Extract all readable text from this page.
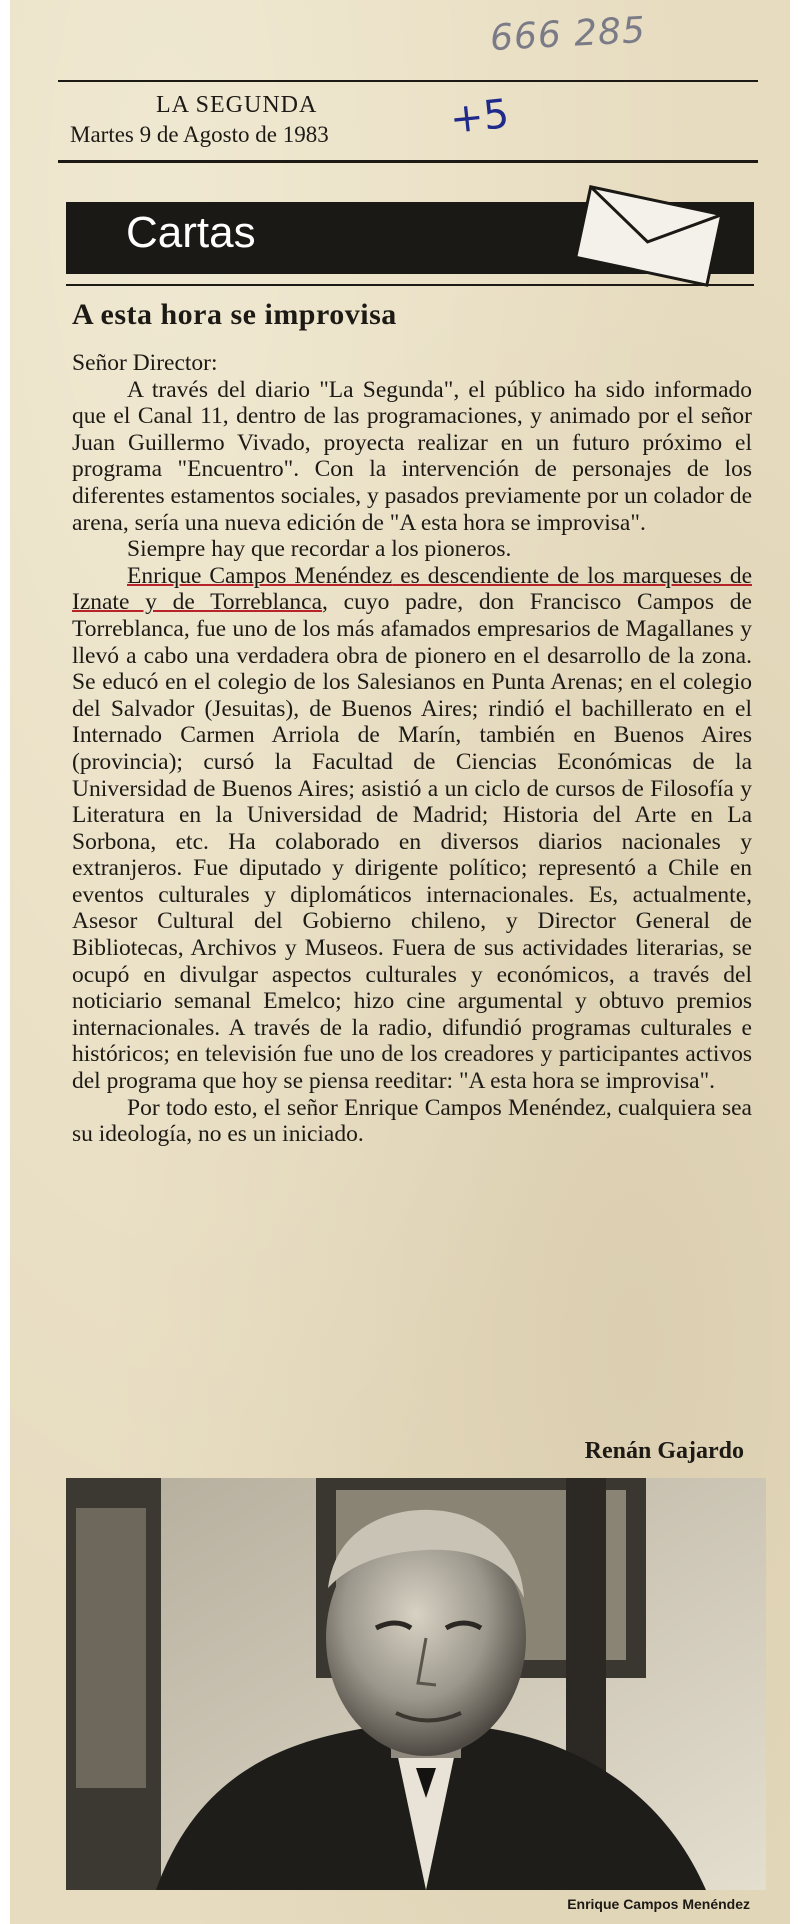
666 285
LA SEGUNDA
Martes 9 de Agosto de 1983	+5
Cartas
A esta hora se improvisa

Señor Director:

A través del diario "La Segunda", el público ha sido informado que el Canal 11, dentro de las programaciones, y animado por el señor Juan Guillermo Vivado, proyecta realizar en un futuro próximo el programa "Encuentro". Con la intervención de personajes de los diferentes estamentos sociales, y pasados previamente por un colador de arena, sería una nueva edición de "A esta hora se improvisa".

Siempre hay que recordar a los pioneros.

Enrique Campos Menéndez es descendiente de los marqueses de Iznate y de Torreblanca, cuyo padre, don Francisco Campos de Torreblanca, fue uno de los más afamados empresarios de Magallanes y llevó a cabo una verdadera obra de pionero en el desarrollo de la zona. Se educó en el colegio de los Salesianos en Punta Arenas; en el colegio del Salvador (Jesuitas), de Buenos Aires; rindió el bachillerato en el Internado Carmen Arriola de Marín, también en Buenos Aires (provincia); cursó la Facultad de Ciencias Económicas de la Universidad de Buenos Aires; asistió a un ciclo de cursos de Filosofía y Literatura en la Universidad de Madrid; Historia del Arte en La Sorbona, etc. Ha colaborado en diversos diarios nacionales y extranjeros. Fue diputado y dirigente político; representó a Chile en eventos culturales y diplomáticos internacionales. Es, actualmente, Asesor Cultural del Gobierno chileno, y Director General de Bibliotecas, Archivos y Museos. Fuera de sus actividades literarias, se ocupó en divulgar aspectos culturales y económicos, a través del noticiario semanal Emelco; hizo cine argumental y obtuvo premios internacionales. A través de la radio, difundió programas culturales e históricos; en televisión fue uno de los creadores y participantes activos del programa que hoy se piensa reeditar: "A esta hora se improvisa".

Por todo esto, el señor Enrique Campos Menéndez, cualquiera sea su ideología, no es un iniciado.

Renán Gajardo
Enrique Campos Menéndez
